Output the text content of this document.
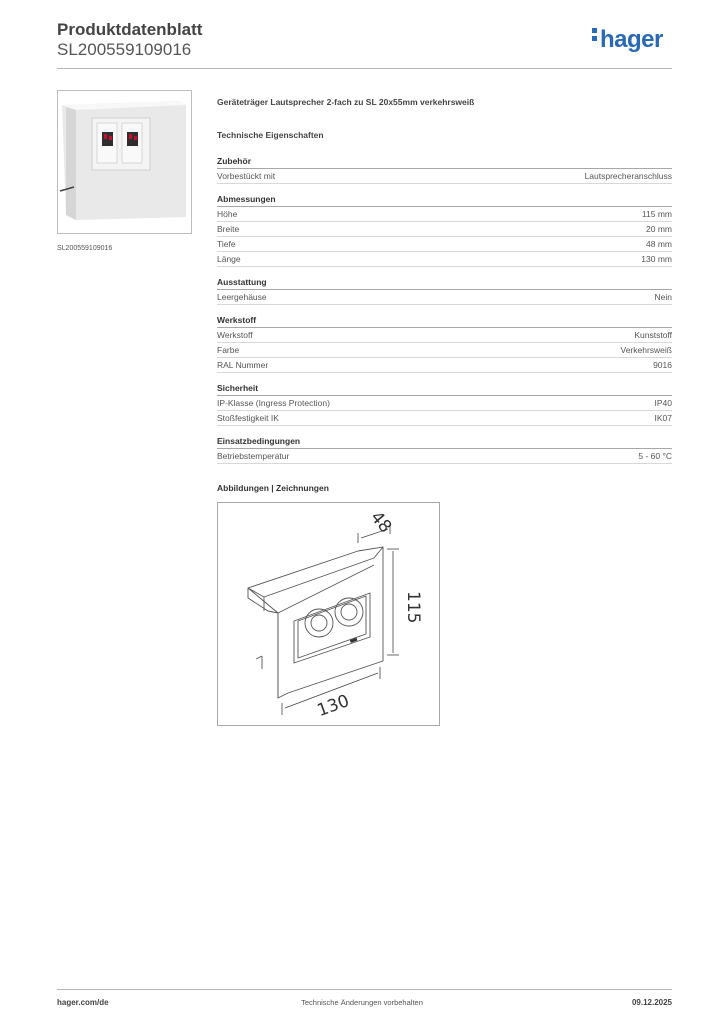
Produktdatenblatt
SL200559109016	hager
SL200559109016
Geräteträger Lautsprecher 2-fach zu SL 20x55mm verkehrsweiß
Technische Eigenschaften
Zubehör
Vorbestückt mit	Lautsprecheranschluss
Abmessungen
Höhe	115 mm
Breite	20 mm
Tiefe	48 mm
Länge	130 mm
Ausstattung
Leergehäuse	Nein
Werkstoff
Werkstoff	Kunststoff
Farbe	Verkehrsweiß
RAL Nummer	9016
Sicherheit
IP-Klasse (Ingress Protection)	IP40
Stoßfestigkeit IK	IK07
Einsatzbedingungen
Betriebstemperatur	5 - 60 °C
Abbildungen | Zeichnungen
48
115
130
hager.com/de	Technische Änderungen vorbehalten	09.12.2025
